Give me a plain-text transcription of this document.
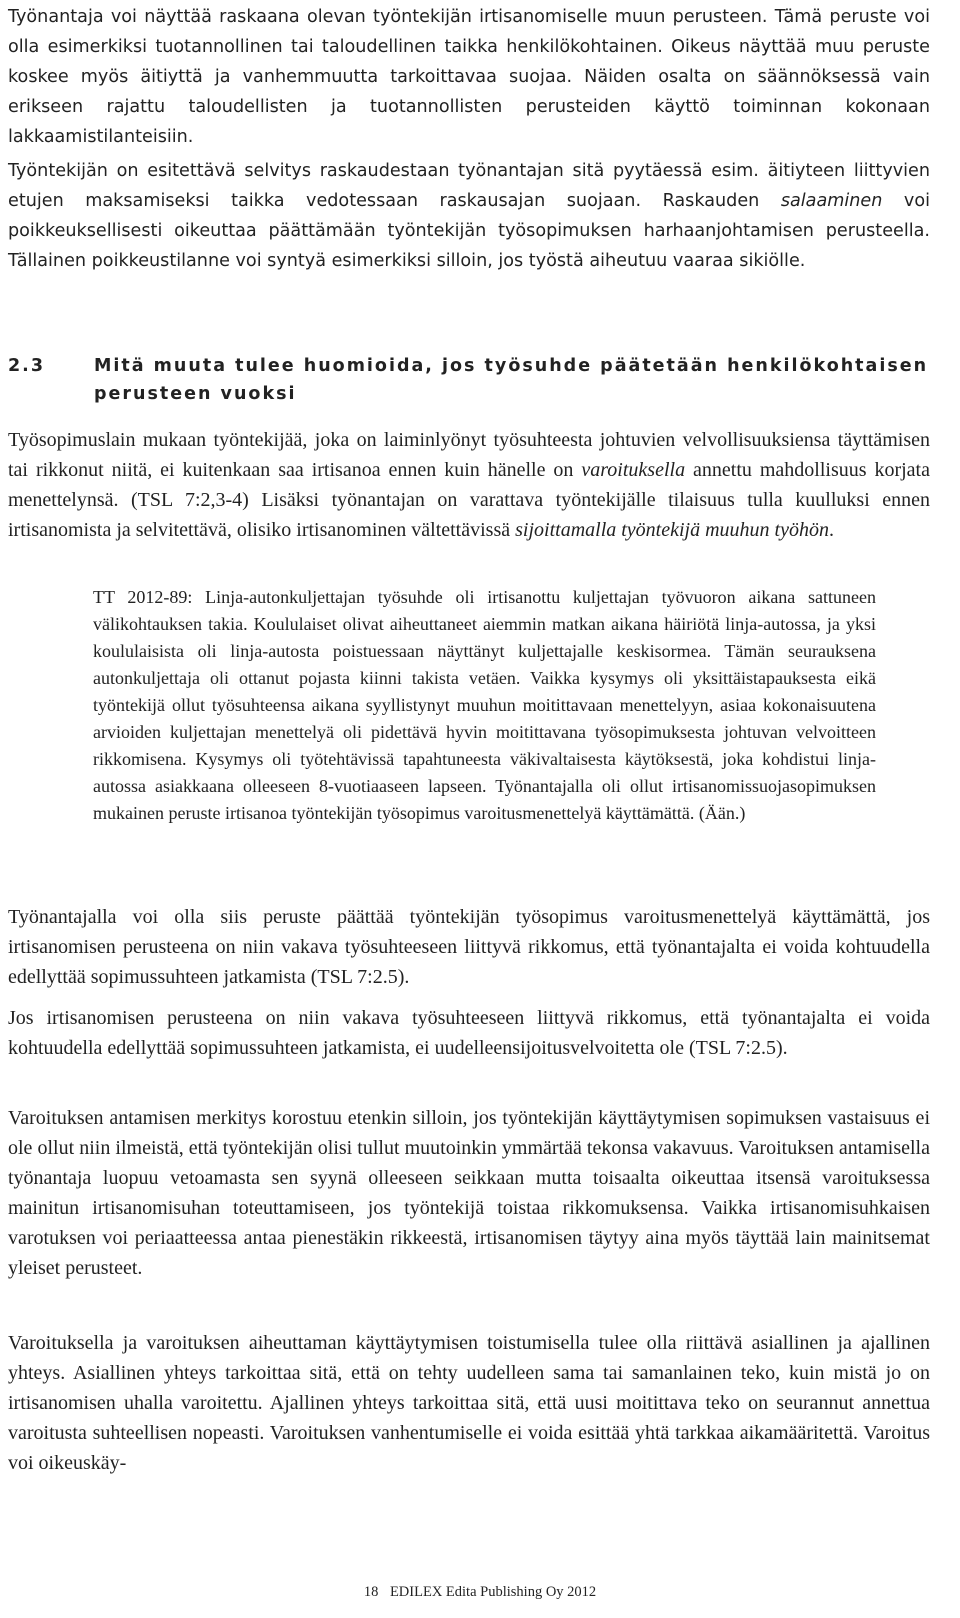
Työnantaja voi näyttää raskaana olevan työntekijän irtisanomiselle muun perusteen. Tämä peruste voi olla esimerkiksi tuotannollinen tai taloudellinen taikka henkilökohtainen. Oikeus näyttää muu peruste koskee myös äitiyttä ja vanhemmuutta tarkoittavaa suojaa. Näiden osalta on säännöksessä vain erikseen rajattu taloudellisten ja tuotannollisten perusteiden käyttö toiminnan kokonaan lakkaamistilanteisiin.

Työntekijän on esitettävä selvitys raskaudestaan työnantajan sitä pyytäessä esim. äitiyteen liittyvien etujen maksamiseksi taikka vedotessaan raskausajan suojaan. Raskauden salaaminen voi poikkeuksellisesti oikeuttaa päättämään työntekijän työsopimuksen harhaanjohtamisen perusteella. Tällainen poikkeustilanne voi syntyä esimerkiksi silloin, jos työstä aiheutuu vaaraa sikiölle.

2.3	Mitä muuta tulee huomioida, jos työsuhde päätetään henkilökohtaisen perusteen vuoksi

Työsopimuslain mukaan työntekijää, joka on laiminlyönyt työsuhteesta johtuvien velvollisuuksiensa täyttämisen tai rikkonut niitä, ei kuitenkaan saa irtisanoa ennen kuin hänelle on varoituksella annettu mahdollisuus korjata menettelynsä. (TSL 7:2,3-4) Lisäksi työnantajan on varattava työntekijälle tilaisuus tulla kuulluksi ennen irtisanomista ja selvitettävä, olisiko irtisanominen vältettävissä sijoittamalla työntekijä muuhun työhön.

TT 2012-89: Linja-autonkuljettajan työsuhde oli irtisanottu kuljettajan työvuoron aikana sattuneen välikohtauksen takia. Koululaiset olivat aiheuttaneet aiemmin matkan aikana häiriötä linja-autossa, ja yksi koululaisista oli linja-autosta poistuessaan näyttänyt kuljettajalle keskisormea. Tämän seurauksena autonkuljettaja oli ottanut pojasta kiinni takista vetäen. Vaikka kysymys oli yksittäistapauksesta eikä työntekijä ollut työsuhteensa aikana syyllistynyt muuhun moitittavaan menettelyyn, asiaa kokonaisuutena arvioiden kuljettajan menettelyä oli pidettävä hyvin moitittavana työsopimuksesta johtuvan velvoitteen rikkomisena. Kysymys oli työtehtävissä tapahtuneesta väkivaltaisesta käytöksestä, joka kohdistui linja-autossa asiakkaana olleeseen 8-vuotiaaseen lapseen. Työnantajalla oli ollut irtisanomissuojasopimuksen mukainen peruste irtisanoa työntekijän työsopimus varoitusmenettelyä käyttämättä. (Ään.)

Työnantajalla voi olla siis peruste päättää työntekijän työsopimus varoitusmenettelyä käyttämättä, jos irtisanomisen perusteena on niin vakava työsuhteeseen liittyvä rikkomus, että työnantajalta ei voida kohtuudella edellyttää sopimussuhteen jatkamista (TSL 7:2.5).

Jos irtisanomisen perusteena on niin vakava työsuhteeseen liittyvä rikkomus, että työnantajalta ei voida kohtuudella edellyttää sopimussuhteen jatkamista, ei uudelleensijoitusvelvoitetta ole (TSL 7:2.5).

Varoituksen antamisen merkitys korostuu etenkin silloin, jos työntekijän käyttäytymisen sopimuksen vastaisuus ei ole ollut niin ilmeistä, että työntekijän olisi tullut muutoinkin ymmärtää tekonsa vakavuus. Varoituksen antamisella työnantaja luopuu vetoamasta sen syynä olleeseen seikkaan mutta toisaalta oikeuttaa itsensä varoituksessa mainitun irtisanomisuhan toteuttamiseen, jos työntekijä toistaa rikkomuksensa. Vaikka irtisanomisuhkaisen varotuksen voi periaatteessa antaa pienestäkin rikkeestä, irtisanomisen täytyy aina myös täyttää lain mainitsemat yleiset perusteet.

Varoituksella ja varoituksen aiheuttaman käyttäytymisen toistumisella tulee olla riittävä asiallinen ja ajallinen yhteys. Asiallinen yhteys tarkoittaa sitä, että on tehty uudelleen sama tai samanlainen teko, kuin mistä jo on irtisanomisen uhalla varoitettu. Ajallinen yhteys tarkoittaa sitä, että uusi moitittava teko on seurannut annettua varoitusta suhteellisen nopeasti. Varoituksen vanhentumiselle ei voida esittää yhtä tarkkaa aikamääritettä. Varoitus voi oikeuskäy-

18 EDILEX Edita Publishing Oy 2012
